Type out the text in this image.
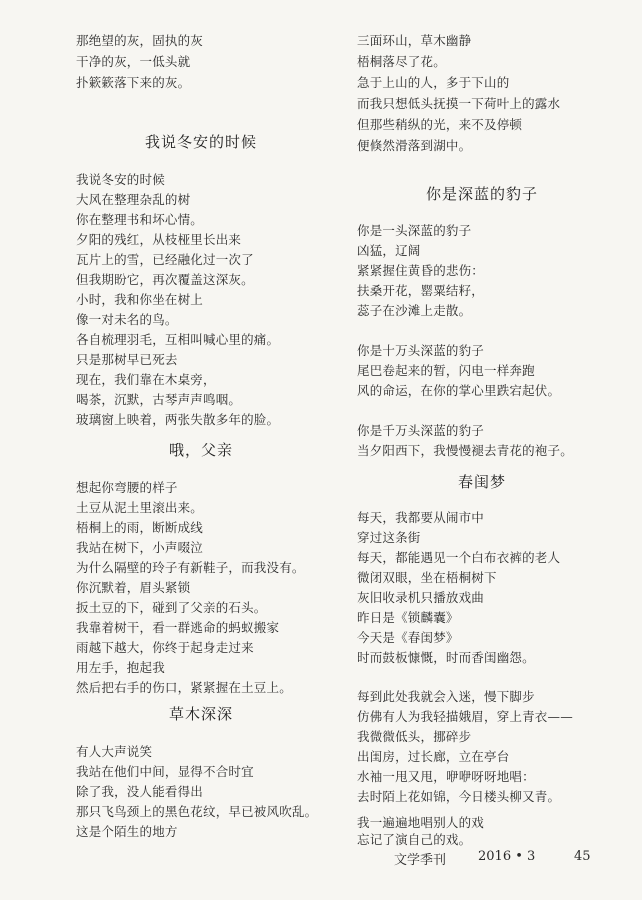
那绝望的灰，固执的灰
干净的灰，一低头就
扑簌簌落下来的灰。
我说冬安的时候
我说冬安的时候
大风在整理杂乱的树
你在整理书和坏心情。
夕阳的残红，从枝桠里长出来
瓦片上的雪，已经融化过一次了
但我期盼它，再次覆盖这深灰。
小时，我和你坐在树上
像一对未名的鸟。
各自梳理羽毛，互相叫喊心里的痛。
只是那树早已死去
现在，我们靠在木桌旁，
喝茶，沉默，古琴声声鸣咽。
玻璃窗上映着，两张失散多年的脸。
哦，父亲
想起你弯腰的样子
土豆从泥土里滚出来。
梧桐上的雨，断断成线
我站在树下，小声啜泣
为什么隔壁的玲子有新鞋子，而我没有。
你沉默着，眉头紧锁
扳土豆的下，碰到了父亲的石头。
我靠着树干，看一群逃命的蚂蚁搬家
雨越下越大，你终于起身走过来
用左手，抱起我
然后把右手的伤口，紧紧握在土豆上。
草木深深
有人大声说笑
我站在他们中间，显得不合时宜
除了我，没人能看得出
那只飞鸟颈上的黑色花纹，早已被风吹乱。
这是个陌生的地方
三面环山，草木幽静
梧桐落尽了花。
急于上山的人，多于下山的
而我只想低头抚摸一下荷叶上的露水
但那些稍纵的光，来不及停顿
便倏然滑落到湖中。
你是深蓝的豹子
你是一头深蓝的豹子
凶猛，辽阔
紧紧握住黄昏的悲伤：
扶桑开花，罂粟结籽，
蕊子在沙滩上走散。
你是十万头深蓝的豹子
尾巴卷起来的暂，闪电一样奔跑
风的命运，在你的掌心里跌宕起伏。
你是千万头深蓝的豹子
当夕阳西下，我慢慢褪去青花的袍子。
春闺梦
每天，我都要从闹市中
穿过这条街
每天，都能遇见一个白布衣裤的老人
微闭双眼，坐在梧桐树下
灰旧收录机只播放戏曲
昨日是《锁麟囊》
今天是《春闺梦》
时而鼓板慷慨，时而香闺幽怨。
每到此处我就会入迷，慢下脚步
仿佛有人为我轻描娥眉，穿上青衣——
我微微低头，挪碎步
出闺房，过长廊，立在亭台
水袖一甩又甩，咿咿呀呀地唱：
去时陌上花如锦，今日楼头柳又青。
我一遍遍地唱别人的戏
忘记了演自己的戏。
文学季刊 2016 • 3	45
